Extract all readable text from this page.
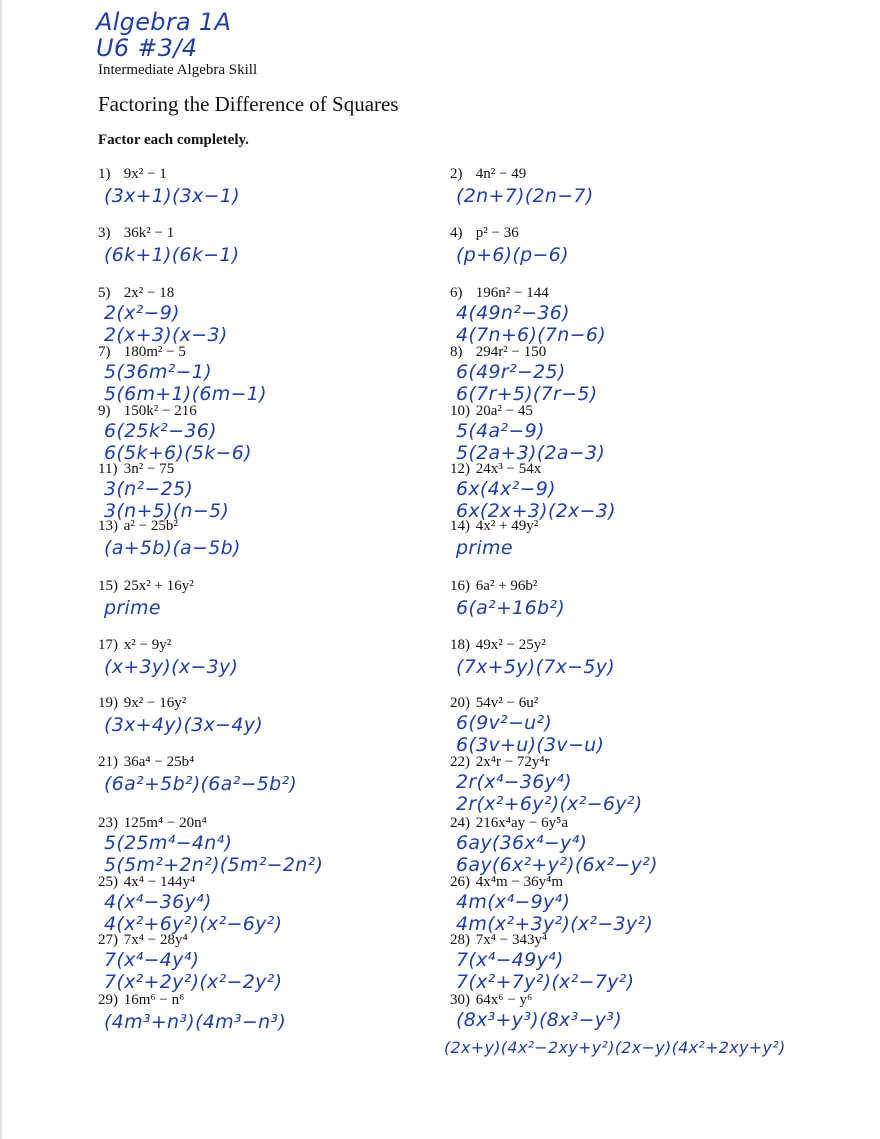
Algebra 1A
U6 #3/4
Intermediate Algebra Skill
Factoring the Difference of Squares
Factor each completely.
1) 9x² − 1
(3x+1)(3x−1)
2) 4n² − 49
(2n+7)(2n−7)
3) 36k² − 1
(6k+1)(6k−1)
4) p² − 36
(p+6)(p−6)
5) 2x² − 18
2(x²−9)
2(x+3)(x−3)
6) 196n² − 144
4(49n²−36)
4(7n+6)(7n−6)
7) 180m² − 5
5(36m²−1)
5(6m+1)(6m−1)
8) 294r² − 150
6(49r²−25)
6(7r+5)(7r−5)
9) 150k² − 216
6(25k²−36)
6(5k+6)(5k−6)
10) 20a² − 45
5(4a²−9)
5(2a+3)(2a−3)
11) 3n² − 75
3(n²−25)
3(n+5)(n−5)
12) 24x³ − 54x
6x(4x²−9)
6x(2x+3)(2x−3)
13) a² − 25b²
(a+5b)(a−5b)
14) 4x² + 49y²
prime
15) 25x² + 16y²
prime
16) 6a² + 96b²
6(a²+16b²)
17) x² − 9y²
(x+3y)(x−3y)
18) 49x² − 25y²
(7x+5y)(7x−5y)
19) 9x² − 16y²
(3x+4y)(3x−4y)
20) 54v² − 6u²
6(9v²−u²)
6(3v+u)(3v−u)
21) 36a⁴ − 25b⁴
(6a²+5b²)(6a²−5b²)
22) 2x⁴r − 72y⁴r
2r(x⁴−36y⁴)
2r(x²+6y²)(x²−6y²)
23) 125m⁴ − 20n⁴
5(25m⁴−4n⁴)
5(5m²+2n²)(5m²−2n²)
24) 216x⁴ay − 6y⁵a
6ay(36x⁴−y⁴)
6ay(6x²+y²)(6x²−y²)
25) 4x⁴ − 144y⁴
4(x⁴−36y⁴)
4(x²+6y²)(x²−6y²)
26) 4x⁴m − 36y⁴m
4m(x⁴−9y⁴)
4m(x²+3y²)(x²−3y²)
27) 7x⁴ − 28y⁴
7(x⁴−4y⁴)
7(x²+2y²)(x²−2y²)
28) 7x⁴ − 343y⁴
7(x⁴−49y⁴)
7(x²+7y²)(x²−7y²)
29) 16m⁶ − n⁶
(4m³+n³)(4m³−n³)
30) 64x⁶ − y⁶
(8x³+y³)(8x³−y³)
(2x+y)(4x²−2xy+y²)(2x−y)(4x²+2xy+y²)
